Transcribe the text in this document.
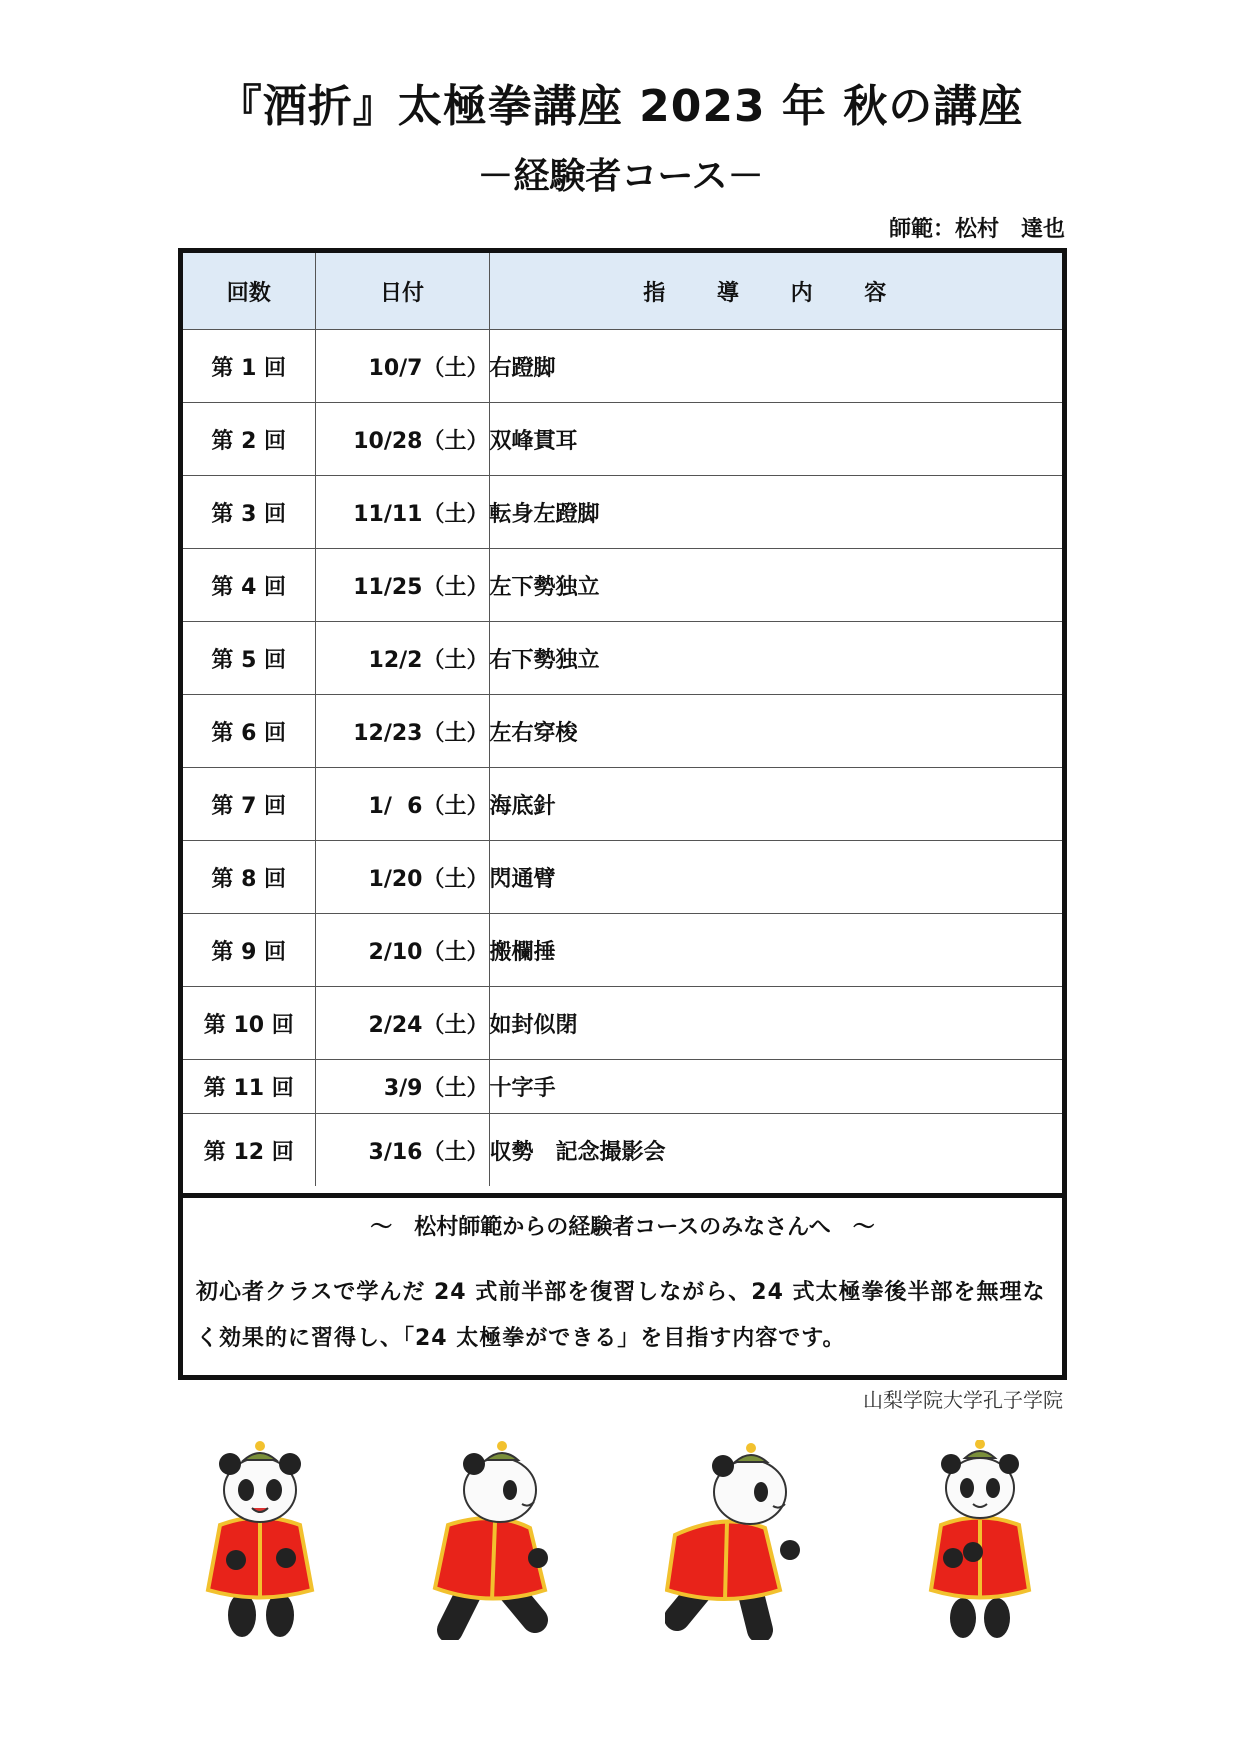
『酒折』太極拳講座 2023 年 秋の講座
－経験者コース－
師範：松村　達也
回数	日付	指 導 内 容
第 1 回	10/7（土）	右蹬脚
第 2 回	10/28（土）	双峰貫耳
第 3 回	11/11（土）	転身左蹬脚
第 4 回	11/25（土）	左下勢独立
第 5 回	12/2（土）	右下勢独立
第 6 回	12/23（土）	左右穿梭
第 7 回	1/  6（土）	海底針
第 8 回	1/20（土）	閃通臂
第 9 回	2/10（土）	搬欄捶
第 10 回	2/24（土）	如封似閉
第 11 回	3/9（土）	十字手
第 12 回	3/16（土）	収勢　記念撮影会
～　松村師範からの経験者コースのみなさんへ　～
初心者クラスで学んだ 24 式前半部を復習しながら、24 式太極拳後半部を無理なく効果的に習得し、「24 太極拳ができる」を目指す内容です。
山梨学院大学孔子学院
